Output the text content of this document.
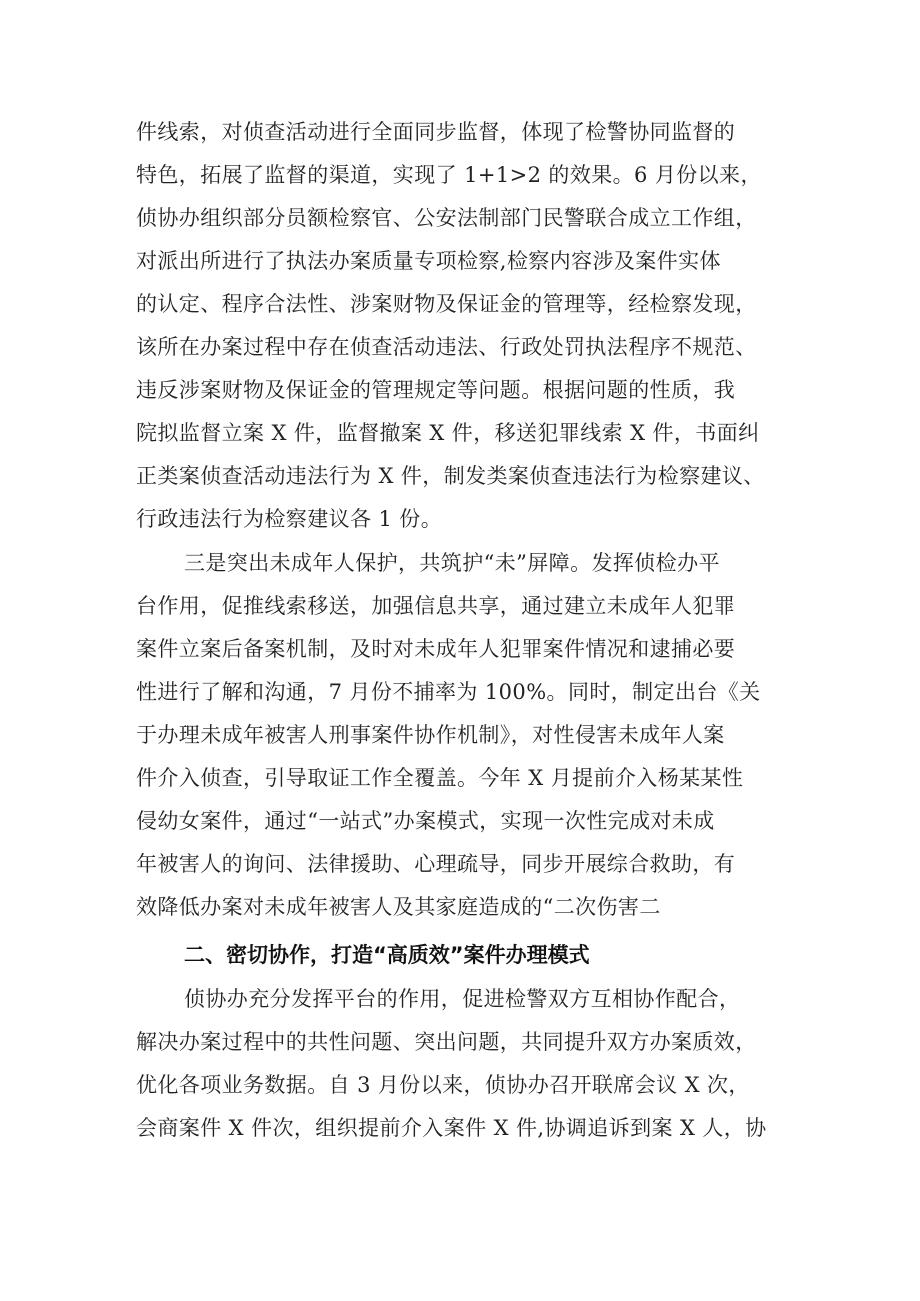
件线索，对侦查活动进行全面同步监督，体现了检警协同监督的
特色，拓展了监督的渠道，实现了 1+1>2 的效果。6 月份以来，
侦协办组织部分员额检察官、公安法制部门民警联合成立工作组，
对派出所进行了执法办案质量专项检察,检察内容涉及案件实体
的认定、程序合法性、涉案财物及保证金的管理等，经检察发现，
该所在办案过程中存在侦查活动违法、行政处罚执法程序不规范、
违反涉案财物及保证金的管理规定等问题。根据问题的性质，我
院拟监督立案 X 件，监督撤案 X 件，移送犯罪线索 X 件，书面纠
正类案侦查活动违法行为 X 件，制发类案侦查违法行为检察建议、
行政违法行为检察建议各 1 份。
三是突出未成年人保护，共筑护“未”屏障。发挥侦检办平
台作用，促推线索移送，加强信息共享，通过建立未成年人犯罪
案件立案后备案机制，及时对未成年人犯罪案件情况和逮捕必要
性进行了解和沟通，7 月份不捕率为 100%。同时，制定出台《关
于办理未成年被害人刑事案件协作机制》，对性侵害未成年人案
件介入侦查，引导取证工作全覆盖。今年 X 月提前介入杨某某性
侵幼女案件，通过“一站式”办案模式，实现一次性完成对未成
年被害人的询问、法律援助、心理疏导，同步开展综合救助，有
效降低办案对未成年被害人及其家庭造成的“二次伤害二
二、密切协作，打造“高质效”案件办理模式
侦协办充分发挥平台的作用，促进检警双方互相协作配合，
解决办案过程中的共性问题、突出问题，共同提升双方办案质效，
优化各项业务数据。自 3 月份以来，侦协办召开联席会议 X 次，
会商案件 X 件次，组织提前介入案件 X 件,协调追诉到案 X 人，协
